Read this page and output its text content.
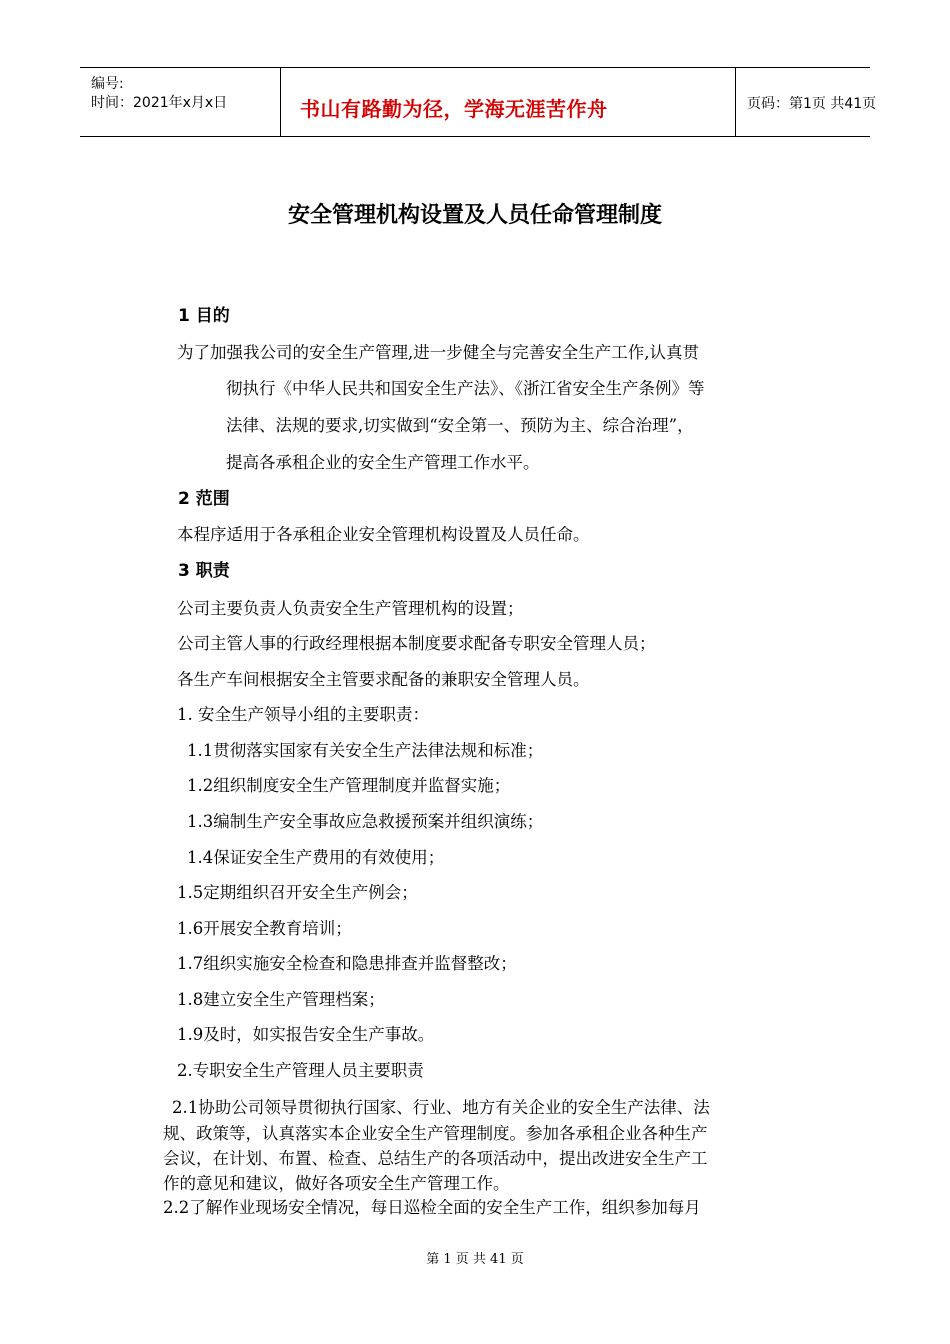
编号:
时间：2021年x月x日	书山有路勤为径，学海无涯苦作舟	页码：第1页 共41页
安全管理机构设置及人员任命管理制度
1 目的
为了加强我公司的安全生产管理,进一步健全与完善安全生产工作,认真贯
彻执行《中华人民共和国安全生产法》、《浙江省安全生产条例》等
法律、法规的要求,切实做到“安全第一、预防为主、综合治理”，
提高各承租企业的安全生产管理工作水平。
2 范围
本程序适用于各承租企业安全管理机构设置及人员任命。
3 职责
公司主要负责人负责安全生产管理机构的设置；
公司主管人事的行政经理根据本制度要求配备专职安全管理人员；
各生产车间根据安全主管要求配备的兼职安全管理人员。
1. 安全生产领导小组的主要职责：
1.1贯彻落实国家有关安全生产法律法规和标准；
1.2组织制度安全生产管理制度并监督实施；
1.3编制生产安全事故应急救援预案并组织演练；
1.4保证安全生产费用的有效使用；
1.5定期组织召开安全生产例会；
1.6开展安全教育培训；
1.7组织实施安全检查和隐患排查并监督整改；
1.8建立安全生产管理档案；
1.9及时，如实报告安全生产事故。
2.专职安全生产管理人员主要职责
2.1协助公司领导贯彻执行国家、行业、地方有关企业的安全生产法律、法
规、政策等，认真落实本企业安全生产管理制度。参加各承租企业各种生产
会议，在计划、布置、检查、总结生产的各项活动中，提出改进安全生产工
作的意见和建议，做好各项安全生产管理工作。
2.2了解作业现场安全情况，每日巡检全面的安全生产工作，组织参加每月
第 1 页 共 41 页
